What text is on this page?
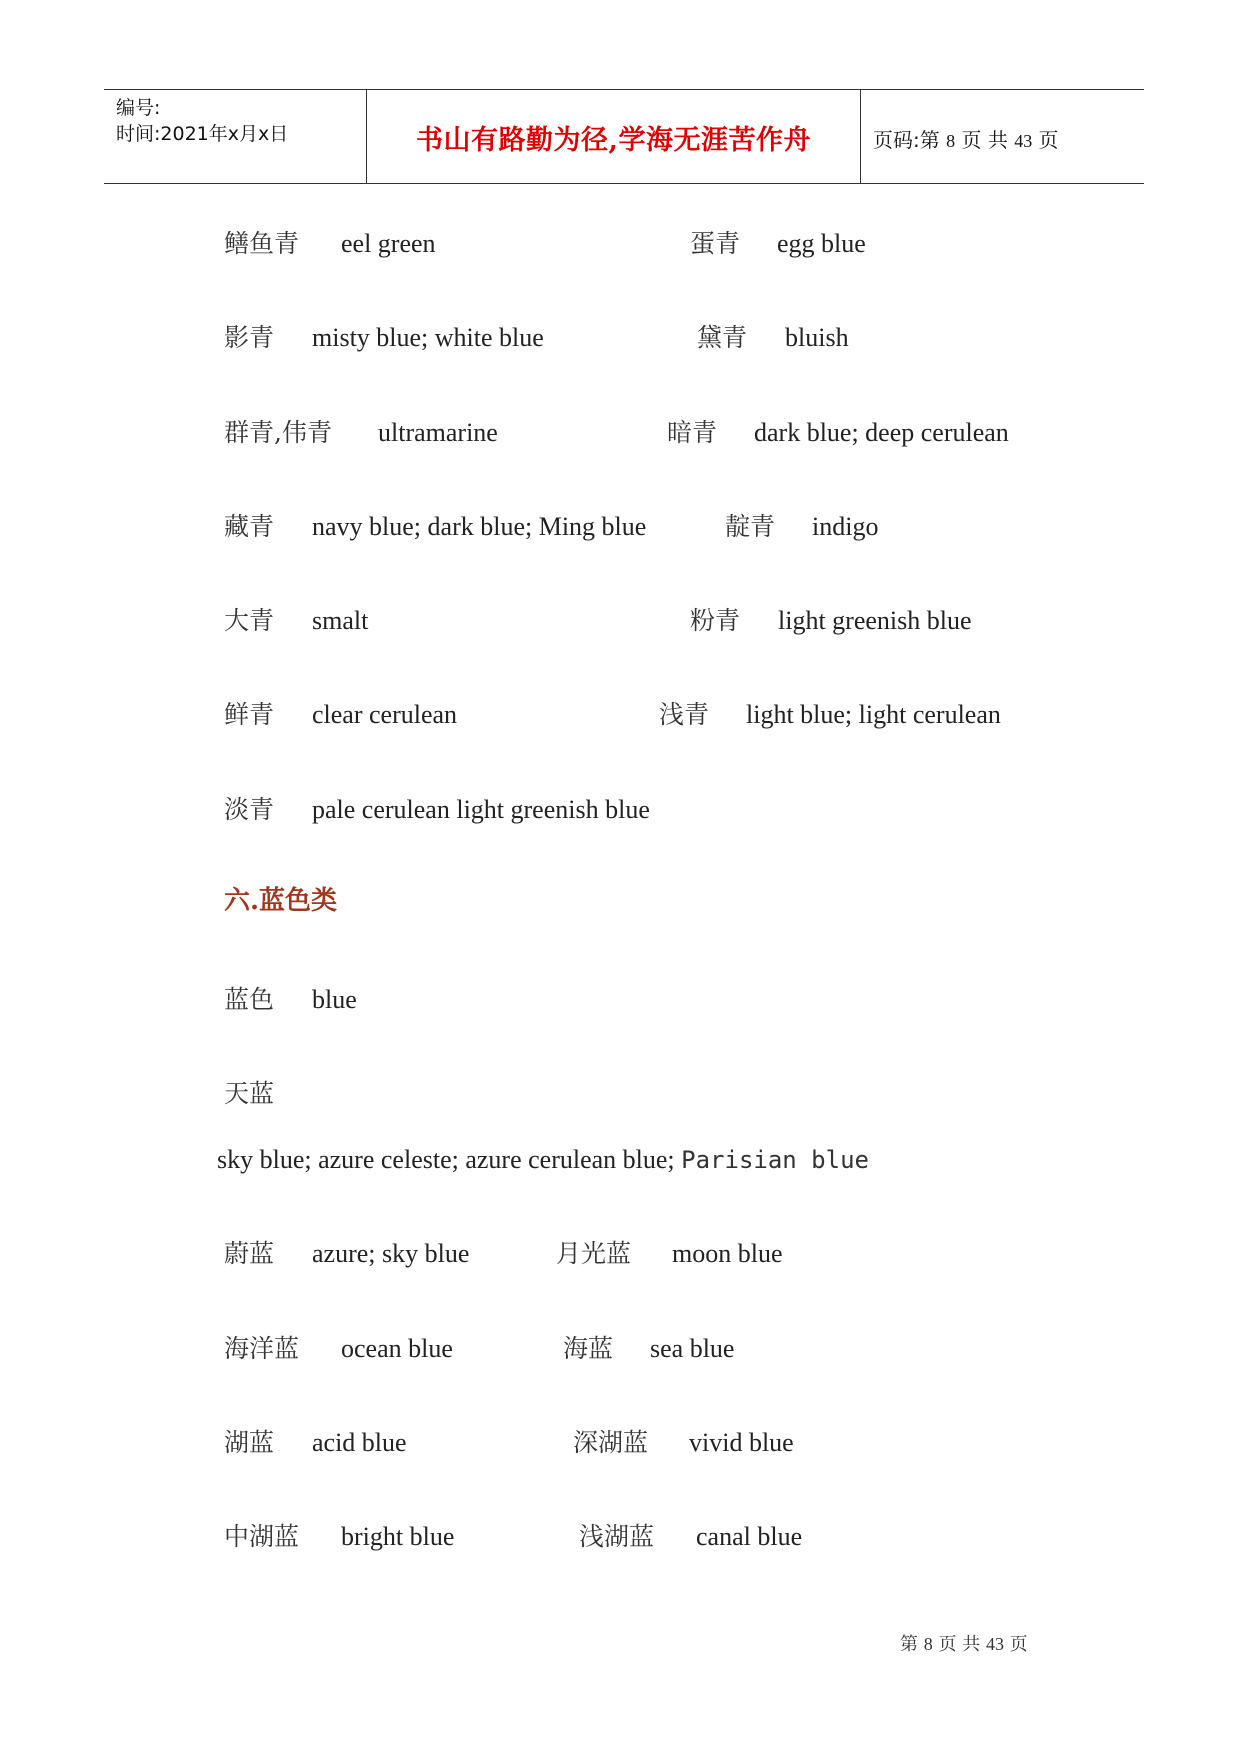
编号:
时间:2021年x月x日	书山有路勤为径,学海无涯苦作舟	页码:第 8 页 共 43 页
鳝鱼青 eel green	蛋青 egg blue
影青 misty blue; white blue	黛青 bluish
群青,伟青 ultramarine	暗青 dark blue; deep cerulean
藏青 navy blue; dark blue; Ming blue	靛青 indigo
大青 smalt	粉青 light greenish blue
鲜青 clear cerulean	浅青 light blue; light cerulean
淡青 pale cerulean light greenish blue
六.蓝色类
蓝色 blue
天蓝
sky blue; azure celeste; azure cerulean blue; Parisian blue
蔚蓝 azure; sky blue	月光蓝 moon blue
海洋蓝 ocean blue	海蓝 sea blue
湖蓝 acid blue	深湖蓝 vivid blue
中湖蓝 bright blue	浅湖蓝 canal blue
第 8 页 共 43 页
